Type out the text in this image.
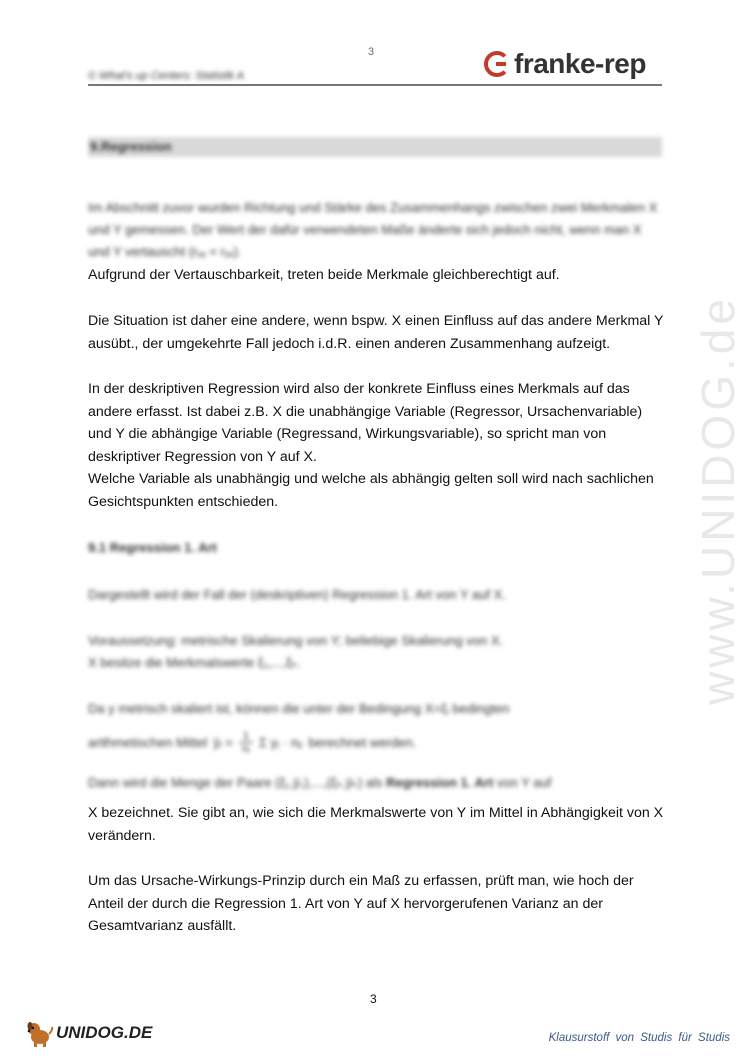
3
© What's up Centers: Statistik A	franke-rep
9.Regression
www.UNIDOG.de
Im Abschnitt zuvor wurden Richtung und Stärke des Zusammenhangs zwischen zwei Merkmalen X und Y gemessen. Der Wert der dafür verwendeten Maße änderte sich jedoch nicht, wenn man X und Y vertauscht (rₓᵧ = rᵧₓ).
Aufgrund der Vertauschbarkeit, treten beide Merkmale gleichberechtigt auf.
Die Situation ist daher eine andere, wenn bspw. X einen Einfluss auf das andere Merkmal Y ausübt., der umgekehrte Fall jedoch i.d.R. einen anderen Zusammenhang aufzeigt.
In der deskriptiven Regression wird also der konkrete Einfluss eines Merkmals auf das andere erfasst. Ist dabei z.B. X die unabhängige Variable (Regressor, Ursachenvariable) und Y die abhängige Variable (Regressand, Wirkungsvariable), so spricht man von deskriptiver Regression von Y auf X.
Welche Variable als unabhängig und welche als abhängig gelten soll wird nach sachlichen Gesichtspunkten entschieden.
9.1 Regression 1. Art
Dargestellt wird der Fall der (deskriptiven) Regression 1. Art von Y auf X.
Voraussetzung: metrische Skalierung von Y; beliebige Skalierung von X.
X besitze die Merkmalswerte ξ₁,...,ξₖ.
Da y metrisch skaliert ist, können die unter der Bedingung X=ξᵢ bedingten
arithmetischen Mittel ȳᵢ = $\frac{1}{\text{nᵢ}}$ Σ yⱼ · nᵢⱼ berechnet werden.
Dann wird die Menge der Paare (ξ₁,ȳ₁),...,(ξₖ,ȳₖ) als Regression 1. Art von Y auf
X bezeichnet. Sie gibt an, wie sich die Merkmalswerte von Y im Mittel in Abhängigkeit von X verändern.
Um das Ursache-Wirkungs-Prinzip durch ein Maß zu erfassen, prüft man, wie hoch der Anteil der durch die Regression 1. Art von Y auf X hervorgerufenen Varianz an der Gesamtvarianz ausfällt.
3
UNIDOG.DE	Klausurstoff von Studis für Studis
